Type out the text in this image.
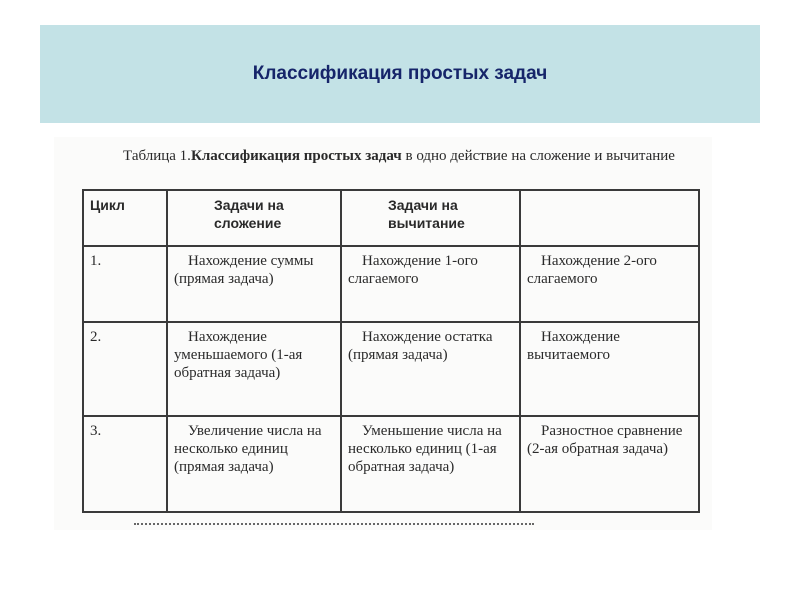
Классификация простых задач
Таблица 1.Классификация простых задач в одно действие на сложение и вычитание
Цикл	Задачи на сложение	Задачи на вычитание	

1.	Нахождение суммы (прямая задача)	Нахождение 1-ого слагаемого	Нахождение 2-ого слагаемого
2.	Нахождение уменьшаемого (1-ая обратная задача)	Нахождение остатка (прямая задача)	Нахождение вычитаемого
3.	Увеличение числа на несколько единиц (прямая задача)	Уменьшение числа на несколько единиц (1-ая обратная задача)	Разностное сравнение (2-ая обратная задача)
